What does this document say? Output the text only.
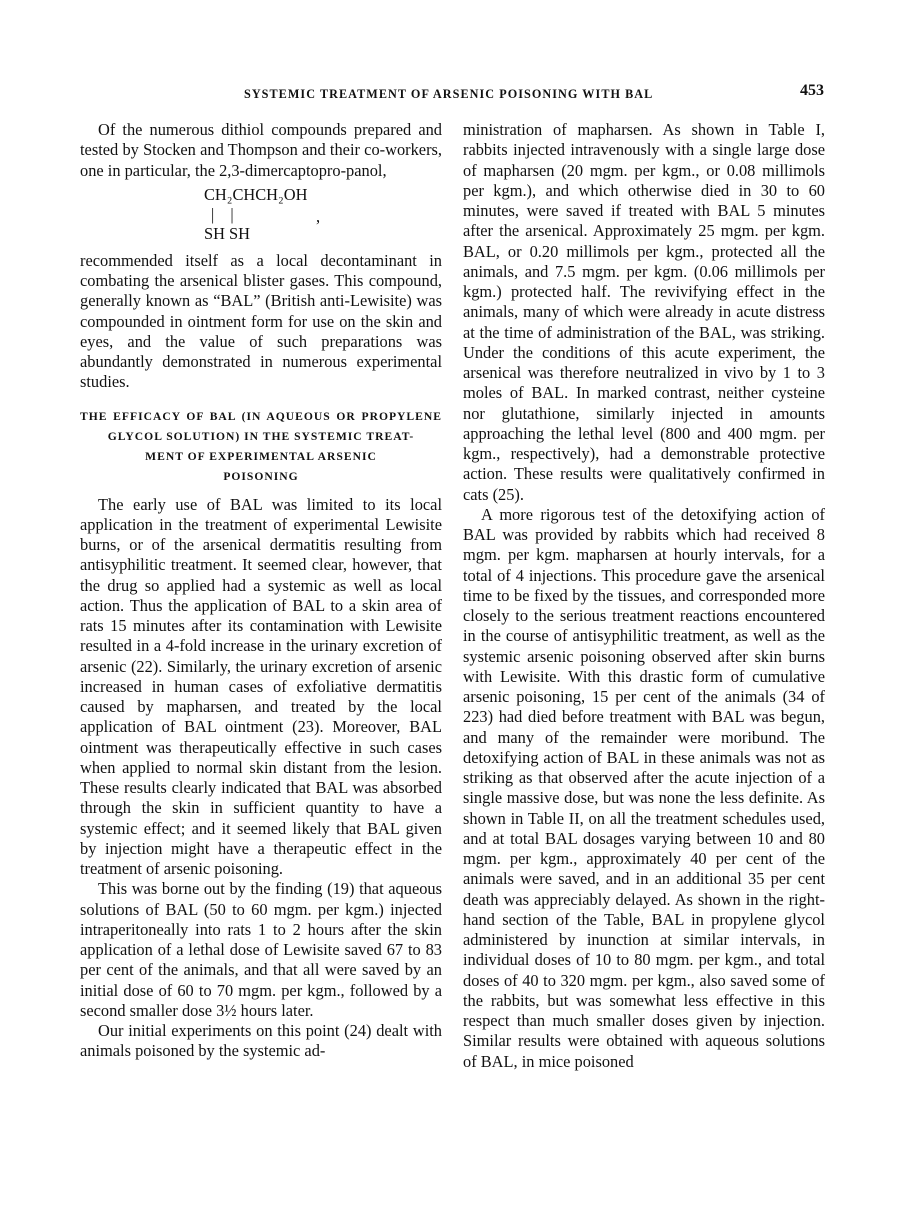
SYSTEMIC TREATMENT OF ARSENIC POISONING WITH BAL	453

Of the numerous dithiol compounds prepared and tested by Stocken and Thompson and their co-workers, one in particular, the 2,3-dimercaptopro-panol,

CH₂CHCH₂OH
| |	,
SH SH

recommended itself as a local decontaminant in combating the arsenical blister gases. This compound, generally known as “BAL” (British anti-Lewisite) was compounded in ointment form for use on the skin and eyes, and the value of such preparations was abundantly demonstrated in numerous experimental studies.

THE EFFICACY OF BAL (IN AQUEOUS OR PROPYLENE
GLYCOL SOLUTION) IN THE SYSTEMIC TREAT-
MENT OF EXPERIMENTAL ARSENIC
POISONING

The early use of BAL was limited to its local application in the treatment of experimental Lewisite burns, or of the arsenical dermatitis resulting from antisyphilitic treatment. It seemed clear, however, that the drug so applied had a systemic as well as local action. Thus the application of BAL to a skin area of rats 15 minutes after its contamination with Lewisite resulted in a 4-fold increase in the urinary excretion of arsenic (22). Similarly, the urinary excretion of arsenic increased in human cases of exfoliative dermatitis caused by mapharsen, and treated by the local application of BAL ointment (23). Moreover, BAL ointment was therapeutically effective in such cases when applied to normal skin distant from the lesion. These results clearly indicated that BAL was absorbed through the skin in sufficient quantity to have a systemic effect; and it seemed likely that BAL given by injection might have a therapeutic effect in the treatment of arsenic poisoning.

This was borne out by the finding (19) that aqueous solutions of BAL (50 to 60 mgm. per kgm.) injected intraperitoneally into rats 1 to 2 hours after the skin application of a lethal dose of Lewisite saved 67 to 83 per cent of the animals, and that all were saved by an initial dose of 60 to 70 mgm. per kgm., followed by a second smaller dose 3½ hours later.

Our initial experiments on this point (24) dealt with animals poisoned by the systemic ad-

ministration of mapharsen. As shown in Table I, rabbits injected intravenously with a single large dose of mapharsen (20 mgm. per kgm., or 0.08 millimols per kgm.), and which otherwise died in 30 to 60 minutes, were saved if treated with BAL 5 minutes after the arsenical. Approximately 25 mgm. per kgm. BAL, or 0.20 millimols per kgm., protected all the animals, and 7.5 mgm. per kgm. (0.06 millimols per kgm.) protected half. The revivifying effect in the animals, many of which were already in acute distress at the time of administration of the BAL, was striking. Under the conditions of this acute experiment, the arsenical was therefore neutralized in vivo by 1 to 3 moles of BAL. In marked contrast, neither cysteine nor glutathione, similarly injected in amounts approaching the lethal level (800 and 400 mgm. per kgm., respectively), had a demonstrable protective action. These results were qualitatively confirmed in cats (25).

A more rigorous test of the detoxifying action of BAL was provided by rabbits which had received 8 mgm. per kgm. mapharsen at hourly intervals, for a total of 4 injections. This procedure gave the arsenical time to be fixed by the tissues, and corresponded more closely to the serious treatment reactions encountered in the course of antisyphilitic treatment, as well as the systemic arsenic poisoning observed after skin burns with Lewisite. With this drastic form of cumulative arsenic poisoning, 15 per cent of the animals (34 of 223) had died before treatment with BAL was begun, and many of the remainder were moribund. The detoxifying action of BAL in these animals was not as striking as that observed after the acute injection of a single massive dose, but was none the less definite. As shown in Table II, on all the treatment schedules used, and at total BAL dosages varying between 10 and 80 mgm. per kgm., approximately 40 per cent of the animals were saved, and in an additional 35 per cent death was appreciably delayed. As shown in the right-hand section of the Table, BAL in propylene glycol administered by inunction at similar intervals, in individual doses of 10 to 80 mgm. per kgm., and total doses of 40 to 320 mgm. per kgm., also saved some of the rabbits, but was somewhat less effective in this respect than much smaller doses given by injection. Similar results were obtained with aqueous solutions of BAL, in mice poisoned
